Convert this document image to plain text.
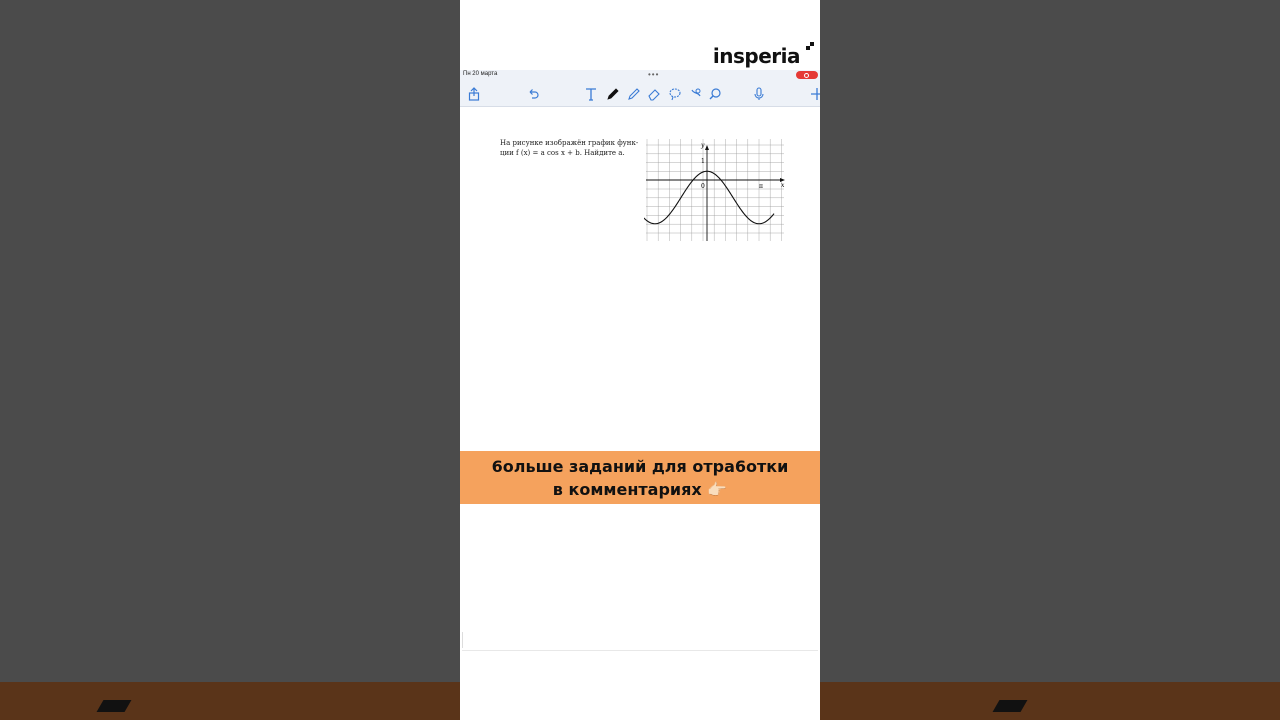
insperia
Пн 20 марта	•••
На рисунке изображён график функ-
ции f (x) = a cos x + b. Найдите a.
y
x
0
1
π
6ольше заданий для отра6отки
в комментариях 👉🏻
